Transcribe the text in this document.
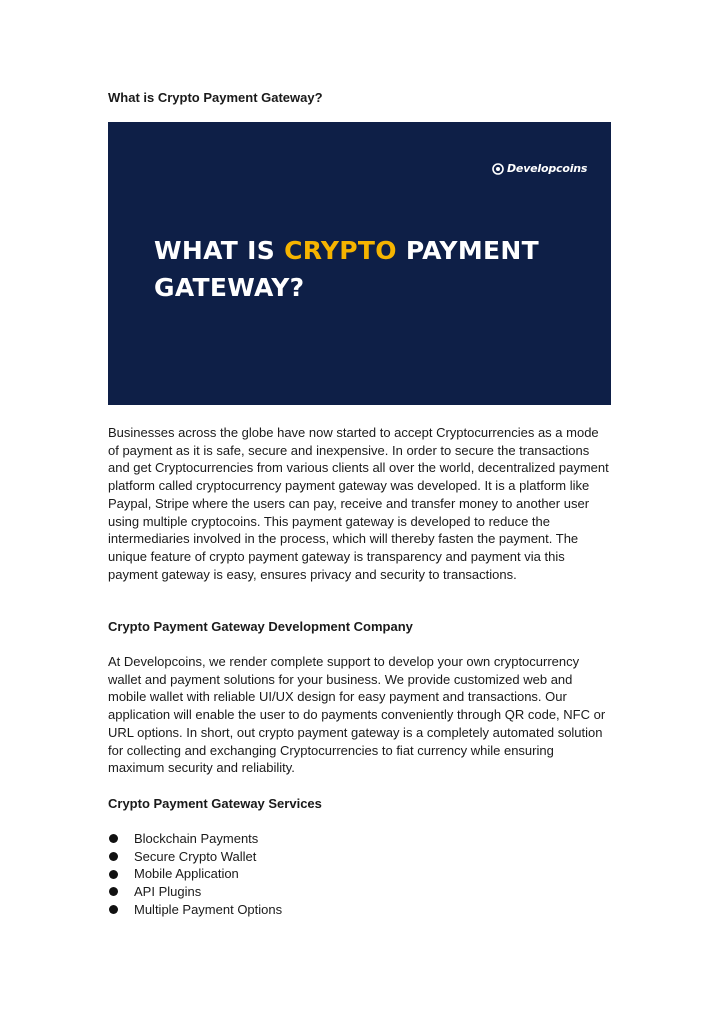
What is Crypto Payment Gateway?
Developcoins
WHAT IS CRYPTO PAYMENT GATEWAY?

Businesses across the globe have now started to accept Cryptocurrencies as a mode of payment as it is safe, secure and inexpensive. In order to secure the transactions and get Cryptocurrencies from various clients all over the world, decentralized payment platform called cryptocurrency payment gateway was developed. It is a platform like Paypal, Stripe where the users can pay, receive and transfer money to another user using multiple cryptocoins. This payment gateway is developed to reduce the intermediaries involved in the process, which will thereby fasten the payment. The unique feature of crypto payment gateway is transparency and payment via this payment gateway is easy, ensures privacy and security to transactions.

Crypto Payment Gateway Development Company

At Developcoins, we render complete support to develop your own cryptocurrency wallet and payment solutions for your business. We provide customized web and mobile wallet with reliable UI/UX design for easy payment and transactions. Our application will enable the user to do payments conveniently through QR code, NFC or URL options. In short, out crypto payment gateway is a completely automated solution for collecting and exchanging Cryptocurrencies to fiat currency while ensuring maximum security and reliability.

Crypto Payment Gateway Services
Blockchain Payments
Secure Crypto Wallet
Mobile Application
API Plugins
Multiple Payment Options
